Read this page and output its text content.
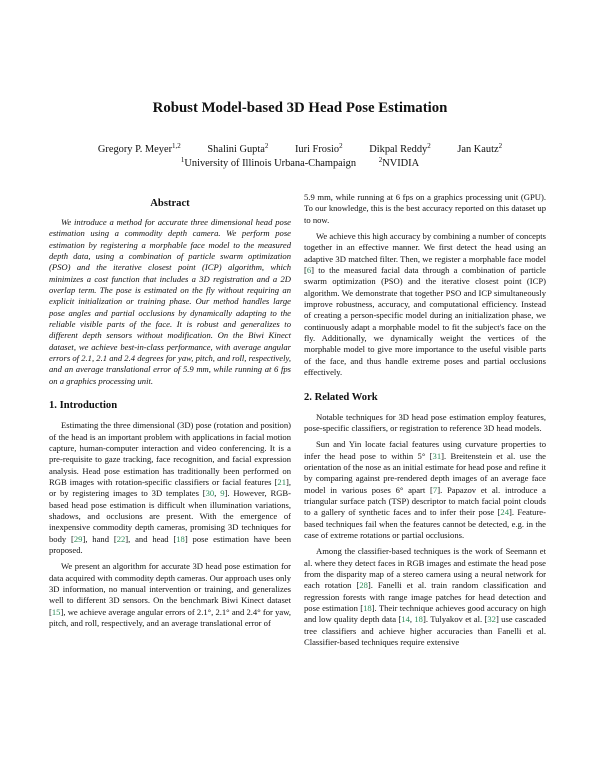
Robust Model-based 3D Head Pose Estimation
Gregory P. Meyer$^{1,2}$	Shalini Gupta$^2$	Iuri Frosio$^2$	Dikpal Reddy$^2$	Jan Kautz$^2$
$^1$University of Illinois Urbana-Champaign	$^2$NVIDIA
Abstract

We introduce a method for accurate three dimensional head pose estimation using a commodity depth camera. We perform pose estimation by registering a morphable face model to the measured depth data, using a combination of particle swarm optimization (PSO) and the iterative closest point (ICP) algorithm, which minimizes a cost function that includes a 3D registration and a 2D overlap term. The pose is estimated on the fly without requiring an explicit initialization or training phase. Our method handles large pose angles and partial occlusions by dynamically adapting to the reliable visible parts of the face. It is robust and generalizes to different depth sensors without modification. On the Biwi Kinect dataset, we achieve best-in-class performance, with average angular errors of 2.1, 2.1 and 2.4 degrees for yaw, pitch, and roll, respectively, and an average translational error of 5.9 mm, while running at 6 fps on a graphics processing unit.

1. Introduction

Estimating the three dimensional (3D) pose (rotation and position) of the head is an important problem with applications in facial motion capture, human-computer interaction and video conferencing. It is a pre-requisite to gaze tracking, face recognition, and facial expression analysis. Head pose estimation has traditionally been performed on RGB images with rotation-specific classifiers or facial features [21], or by registering images to 3D templates [30, 9]. However, RGB-based head pose estimation is difficult when illumination variations, shadows, and occlusions are present. With the emergence of inexpensive commodity depth cameras, promising 3D techniques for body [29], hand [22], and head [18] pose estimation have been proposed.

We present an algorithm for accurate 3D head pose estimation for data acquired with commodity depth cameras. Our approach uses only 3D information, no manual intervention or training, and generalizes well to different 3D sensors. On the benchmark Biwi Kinect dataset [15], we achieve average angular errors of 2.1°, 2.1° and 2.4° for yaw, pitch, and roll, respectively, and an average translational error of

5.9 mm, while running at 6 fps on a graphics processing unit (GPU). To our knowledge, this is the best accuracy reported on this dataset up to now.

We achieve this high accuracy by combining a number of concepts together in an effective manner. We first detect the head using an adaptive 3D matched filter. Then, we register a morphable face model [6] to the measured facial data through a combination of particle swarm optimization (PSO) and the iterative closest point (ICP) algorithm. We demonstrate that together PSO and ICP simultaneously improve robustness, accuracy, and computational efficiency. Instead of creating a person-specific model during an initialization phase, we continuously adapt a morphable model to fit the subject's face on the fly. Additionally, we dynamically weight the vertices of the morphable model to give more importance to the useful visible parts of the face, and thus handle extreme poses and partial occlusions effectively.

2. Related Work

Notable techniques for 3D head pose estimation employ features, pose-specific classifiers, or registration to reference 3D head models.

Sun and Yin locate facial features using curvature properties to infer the head pose to within 5° [31]. Breitenstein et al. use the orientation of the nose as an initial estimate for head pose and refine it by comparing against pre-rendered depth images of an average face model in various poses 6° apart [7]. Papazov et al. introduce a triangular surface patch (TSP) descriptor to match facial point clouds to a gallery of synthetic faces and to infer their pose [24]. Feature-based techniques fail when the features cannot be detected, e.g. in the case of extreme rotations or partial occlusions.

Among the classifier-based techniques is the work of Seemann et al. where they detect faces in RGB images and estimate the head pose from the disparity map of a stereo camera using a neural network for each rotation [28]. Fanelli et al. train random classification and regression forests with range image patches for head detection and pose estimation [18]. Their technique achieves good accuracy on high and low quality depth data [14, 18]. Tulyakov et al. [32] use cascaded tree classifiers and achieve higher accuracies than Fanelli et al. Classifier-based techniques require extensive
